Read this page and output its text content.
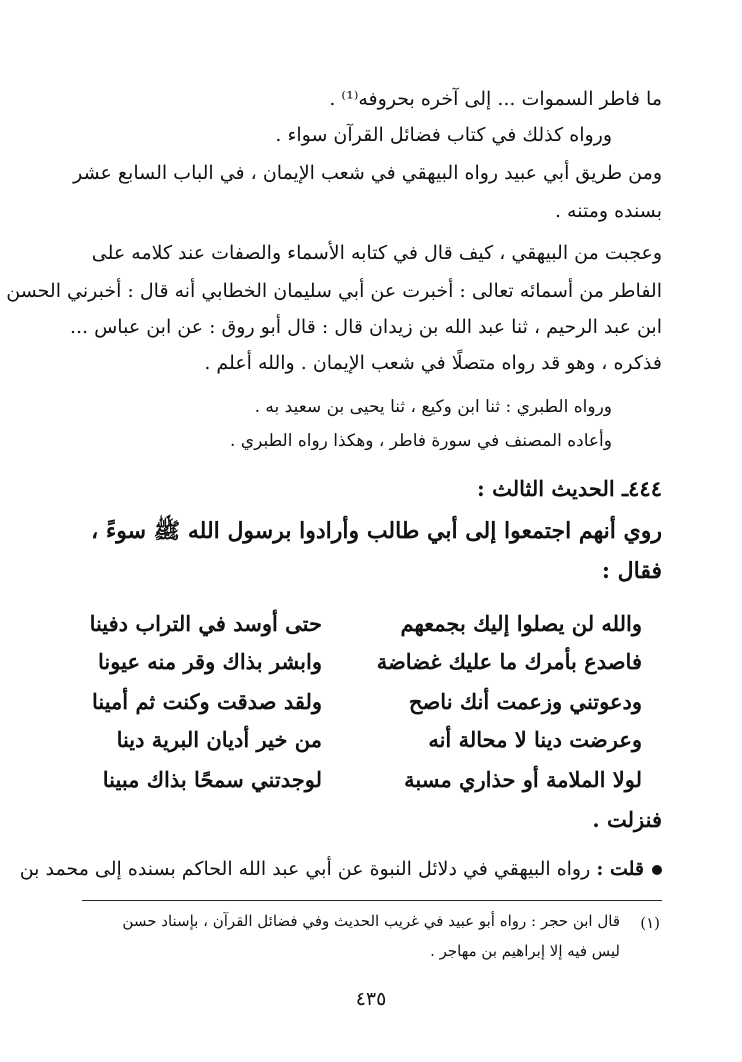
ما فاطر السموات ... إلى آخره بحروفه⁽¹⁾ .
ورواه كذلك في كتاب فضائل القرآن سواء .
ومن طريق أبي عبيد رواه البيهقي في شعب الإيمان ، في الباب السابع عشر
بسنده ومتنه .
وعجبت من البيهقي ، كيف قال في كتابه الأسماء والصفات عند كلامه على
الفاطر من أسمائه تعالى : أخبرت عن أبي سليمان الخطابي أنه قال : أخبرني الحسن
ابن عبد الرحيم ، ثنا عبد الله بن زيدان قال : قال أبو روق : عن ابن عباس ...
فذكره ، وهو قد رواه متصلًا في شعب الإيمان . والله أعلم .
ورواه الطبري : ثنا ابن وكيع ، ثنا يحيى بن سعيد به .
وأعاده المصنف في سورة فاطر ، وهكذا رواه الطبري .
٤٤٤ـ الحديث الثالث :
روي أنهم اجتمعوا إلى أبي طالب وأرادوا برسول الله ﷺ سوءً ،
فقال :
والله لن يصلوا إليك بجمعهم
حتى أوسد في التراب دفينا
فاصدع بأمرك ما عليك غضاضة
وابشر بذاك وقر منه عيونا
ودعوتني وزعمت أنك ناصح
ولقد صدقت وكنت ثم أمينا
وعرضت دينا لا محالة أنه
من خير أديان البرية دينا
لولا الملامة أو حذاري مسبة
لوجدتني سمحًا بذاك مبينا
فنزلت .
قلت : رواه البيهقي في دلائل النبوة عن أبي عبد الله الحاكم بسنده إلى محمد بن
(١)
قال ابن حجر : رواه أبو عبيد في غريب الحديث وفي فضائل القرآن ، بإسناد حسن
ليس فيه إلا إبراهيم بن مهاجر .
٤٣٥
